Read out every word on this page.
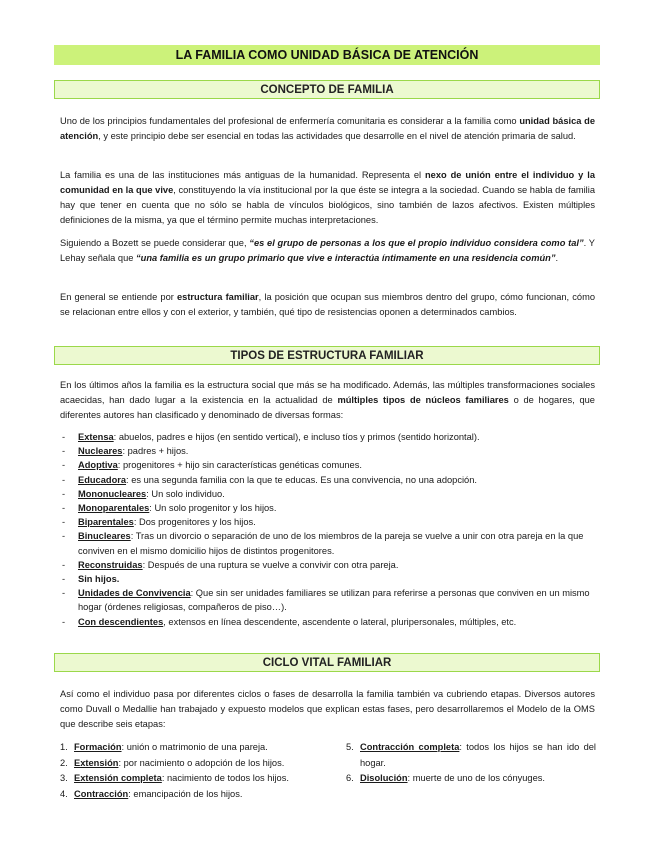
LA FAMILIA COMO UNIDAD BÁSICA DE ATENCIÓN
CONCEPTO DE FAMILIA

Uno de los principios fundamentales del profesional de enfermería comunitaria es considerar a la familia como unidad básica de atención, y este principio debe ser esencial en todas las actividades que desarrolle en el nivel de atención primaria de salud.

La familia es una de las instituciones más antiguas de la humanidad. Representa el nexo de unión entre el individuo y la comunidad en la que vive, constituyendo la vía institucional por la que éste se integra a la sociedad. Cuando se habla de familia hay que tener en cuenta que no sólo se habla de vínculos biológicos, sino también de lazos afectivos. Existen múltiples definiciones de la misma, ya que el término permite muchas interpretaciones.

Siguiendo a Bozett se puede considerar que, “es el grupo de personas a los que el propio individuo considera como tal”. Y Lehay señala que “una familia es un grupo primario que vive e interactúa íntimamente en una residencia común”.

En general se entiende por estructura familiar, la posición que ocupan sus miembros dentro del grupo, cómo funcionan, cómo se relacionan entre ellos y con el exterior, y también, qué tipo de resistencias oponen a determinados cambios.

TIPOS DE ESTRUCTURA FAMILIAR

En los últimos años la familia es la estructura social que más se ha modificado. Además, las múltiples transformaciones sociales acaecidas, han dado lugar a la existencia en la actualidad de múltiples tipos de núcleos familiares o de hogares, que diferentes autores han clasificado y denominado de diversas formas:

- Extensa: abuelos, padres e hijos (en sentido vertical), e incluso tíos y primos (sentido horizontal).
- Nucleares: padres + hijos.
- Adoptiva: progenitores + hijo sin características genéticas comunes.
- Educadora: es una segunda familia con la que te educas. Es una convivencia, no una adopción.
- Mononucleares: Un solo individuo.
- Monoparentales: Un solo progenitor y los hijos.
- Biparentales: Dos progenitores y los hijos.
- Binucleares: Tras un divorcio o separación de uno de los miembros de la pareja se vuelve a unir con otra pareja en la que conviven en el mismo domicilio hijos de distintos progenitores.
- Reconstruidas: Después de una ruptura se vuelve a convivir con otra pareja.
- Sin hijos.
- Unidades de Convivencia: Que sin ser unidades familiares se utilizan para referirse a personas que conviven en un mismo hogar (órdenes religiosas, compañeros de piso…).
- Con descendientes, extensos en línea descendente, ascendente o lateral, pluripersonales, múltiples, etc.
CICLO VITAL FAMILIAR

Así como el individuo pasa por diferentes ciclos o fases de desarrolla la familia también va cubriendo etapas. Diversos autores como Duvall o Medallie han trabajado y expuesto modelos que explican estas fases, pero desarrollaremos el Modelo de la OMS que describe seis etapas:

1. Formación: unión o matrimonio de una pareja.
2. Extensión: por nacimiento o adopción de los hijos.
3. Extensión completa: nacimiento de todos los hijos.
4. Contracción: emancipación de los hijos.
5. Contracción completa: todos los hijos se han ido del hogar.
6. Disolución: muerte de uno de los cónyuges.
